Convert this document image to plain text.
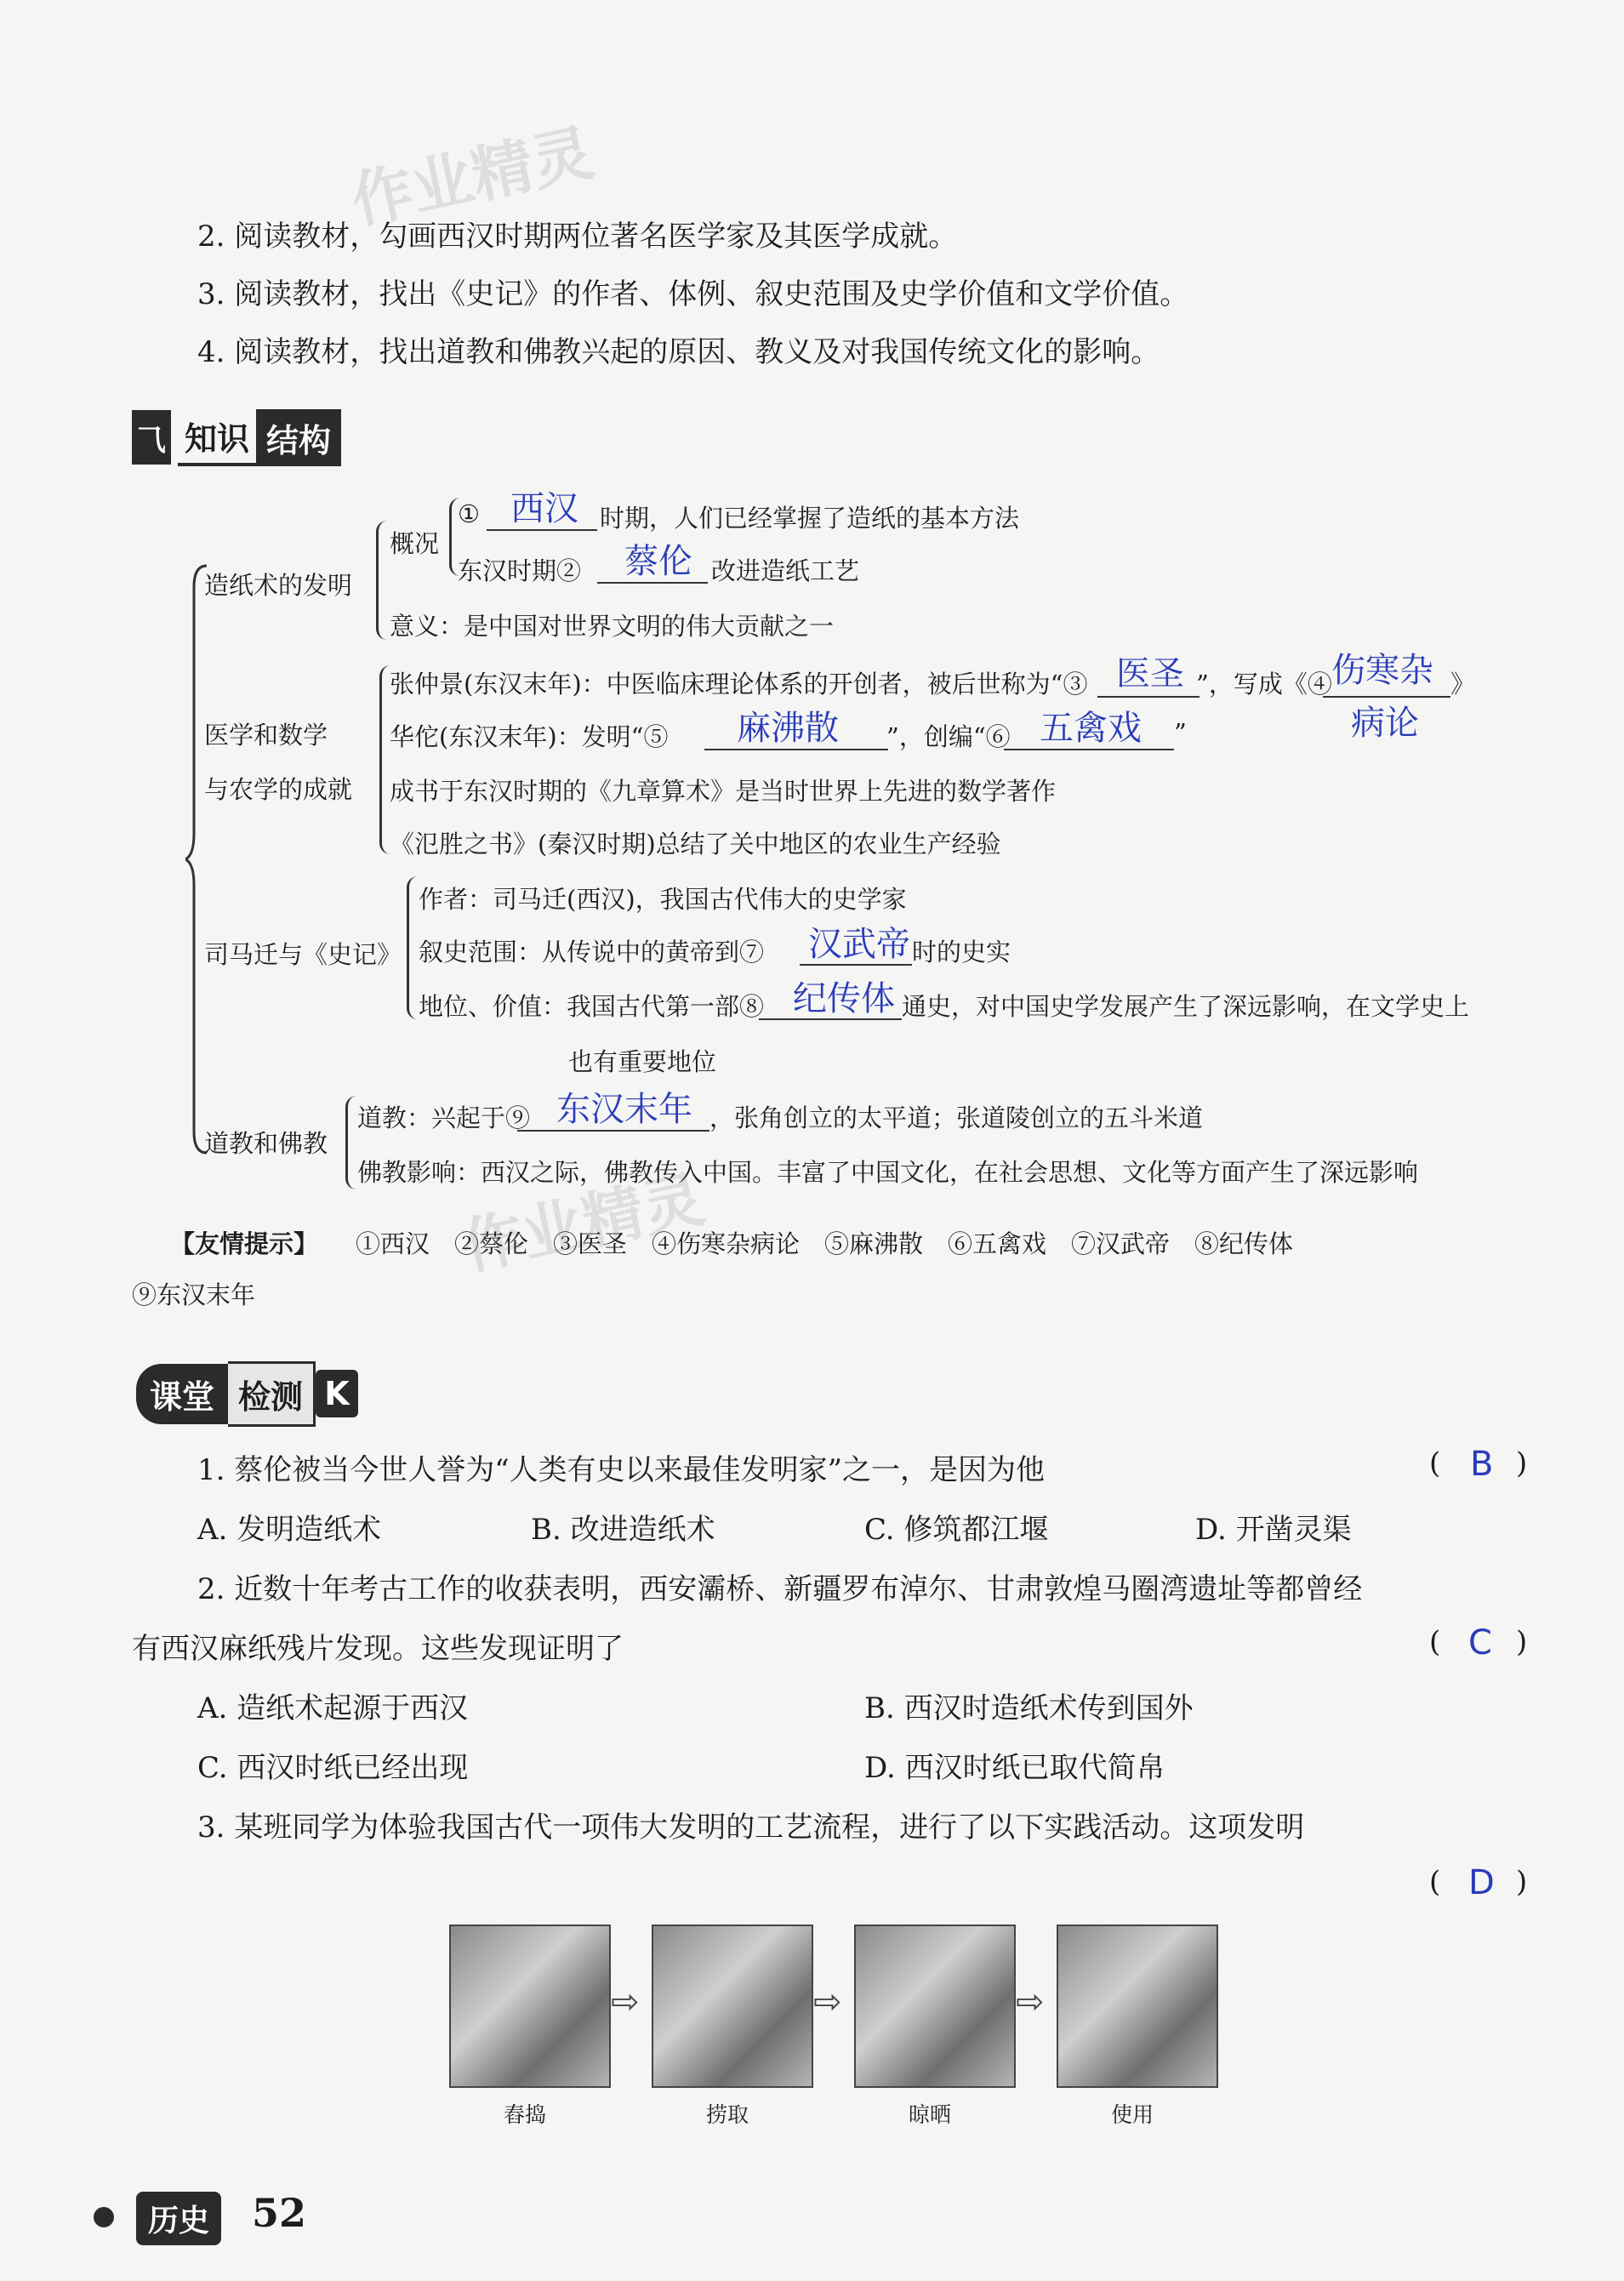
作业精灵
作业精灵
2. 阅读教材，勾画西汉时期两位著名医学家及其医学成就。
3. 阅读教材，找出《史记》的作者、体例、叙史范围及史学价值和文学价值。
4. 阅读教材，找出道教和佛教兴起的原因、教义及对我国传统文化的影响。
⺄ 知识 结构
造纸术的发明
概况
① 西汉 时期，人们已经掌握了造纸的基本方法
东汉时期② 蔡伦 改进造纸工艺
意义：是中国对世界文明的伟大贡献之一
医学和数学
与农学的成就
张仲景(东汉末年)：中医临床理论体系的开创者，被后世称为“③ 医圣 ”，写成《④ 伤寒杂 》
病论
华佗(东汉末年)：发明“⑤ 麻沸散 ”，创编“⑥ 五禽戏 ”
成书于东汉时期的《九章算术》是当时世界上先进的数学著作
《氾胜之书》(秦汉时期)总结了关中地区的农业生产经验
司马迁与《史记》
作者：司马迁(西汉)，我国古代伟大的史学家
叙史范围：从传说中的黄帝到⑦ 汉武帝 时的史实
地位、价值：我国古代第一部⑧ 纪传体 通史，对中国史学发展产生了深远影响，在文学史上
也有重要地位
道教和佛教
道教：兴起于⑨ 东汉末年 ，张角创立的太平道；张道陵创立的五斗米道
佛教影响：西汉之际，佛教传入中国。丰富了中国文化，在社会思想、文化等方面产生了深远影响
【友情提示】 ①西汉　②蔡伦　③医圣　④伤寒杂病论　⑤麻沸散　⑥五禽戏　⑦汉武帝　⑧纪传体
⑨东汉末年
课堂 检测 K
1. 蔡伦被当今世人誉为“人类有史以来最佳发明家”之一，是因为他	( B )
A. 发明造纸术	B. 改进造纸术	C. 修筑都江堰	D. 开凿灵渠
2. 近数十年考古工作的收获表明，西安灞桥、新疆罗布淖尔、甘肃敦煌马圈湾遗址等都曾经
有西汉麻纸残片发现。这些发现证明了	( C )
A. 造纸术起源于西汉	B. 西汉时造纸术传到国外
C. 西汉时纸已经出现	D. 西汉时纸已取代简帛
3. 某班同学为体验我国古代一项伟大发明的工艺流程，进行了以下实践活动。这项发明
( D )
⇨	⇨	⇨
舂捣	捞取	晾晒	使用
历史	52
